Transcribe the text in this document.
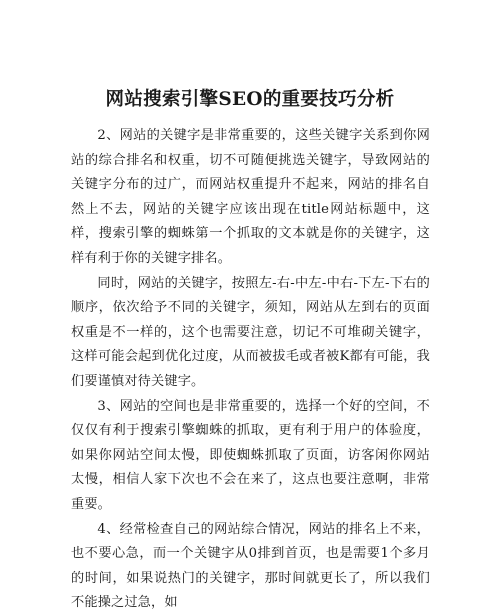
网站搜索引擎SEO的重要技巧分析

2、网站的关键字是非常重要的，这些关键字关系到你网站的综合排名和权重，切不可随便挑选关键字，导致网站的关键字分布的过广，而网站权重提升不起来，网站的排名自然上不去，网站的关键字应该出现在title网站标题中，这样，搜索引擎的蜘蛛第一个抓取的文本就是你的关键字，这样有利于你的关键字排名。

同时，网站的关键字，按照左-右-中左-中右-下左-下右的顺序，依次给予不同的关键字，须知，网站从左到右的页面权重是不一样的，这个也需要注意，切记不可堆砌关键字，这样可能会起到优化过度，从而被拔毛或者被K都有可能，我们要谨慎对待关键字。

3、网站的空间也是非常重要的，选择一个好的空间，不仅仅有利于搜索引擎蜘蛛的抓取，更有利于用户的体验度，如果你网站空间太慢，即使蜘蛛抓取了页面，访客闲你网站太慢，相信人家下次也不会在来了，这点也要注意啊，非常重要。

4、经常检查自己的网站综合情况，网站的排名上不来，也不要心急，而一个关键字从0排到首页，也是需要1个多月的时间，如果说热门的关键字，那时间就更长了，所以我们不能操之过急，如
